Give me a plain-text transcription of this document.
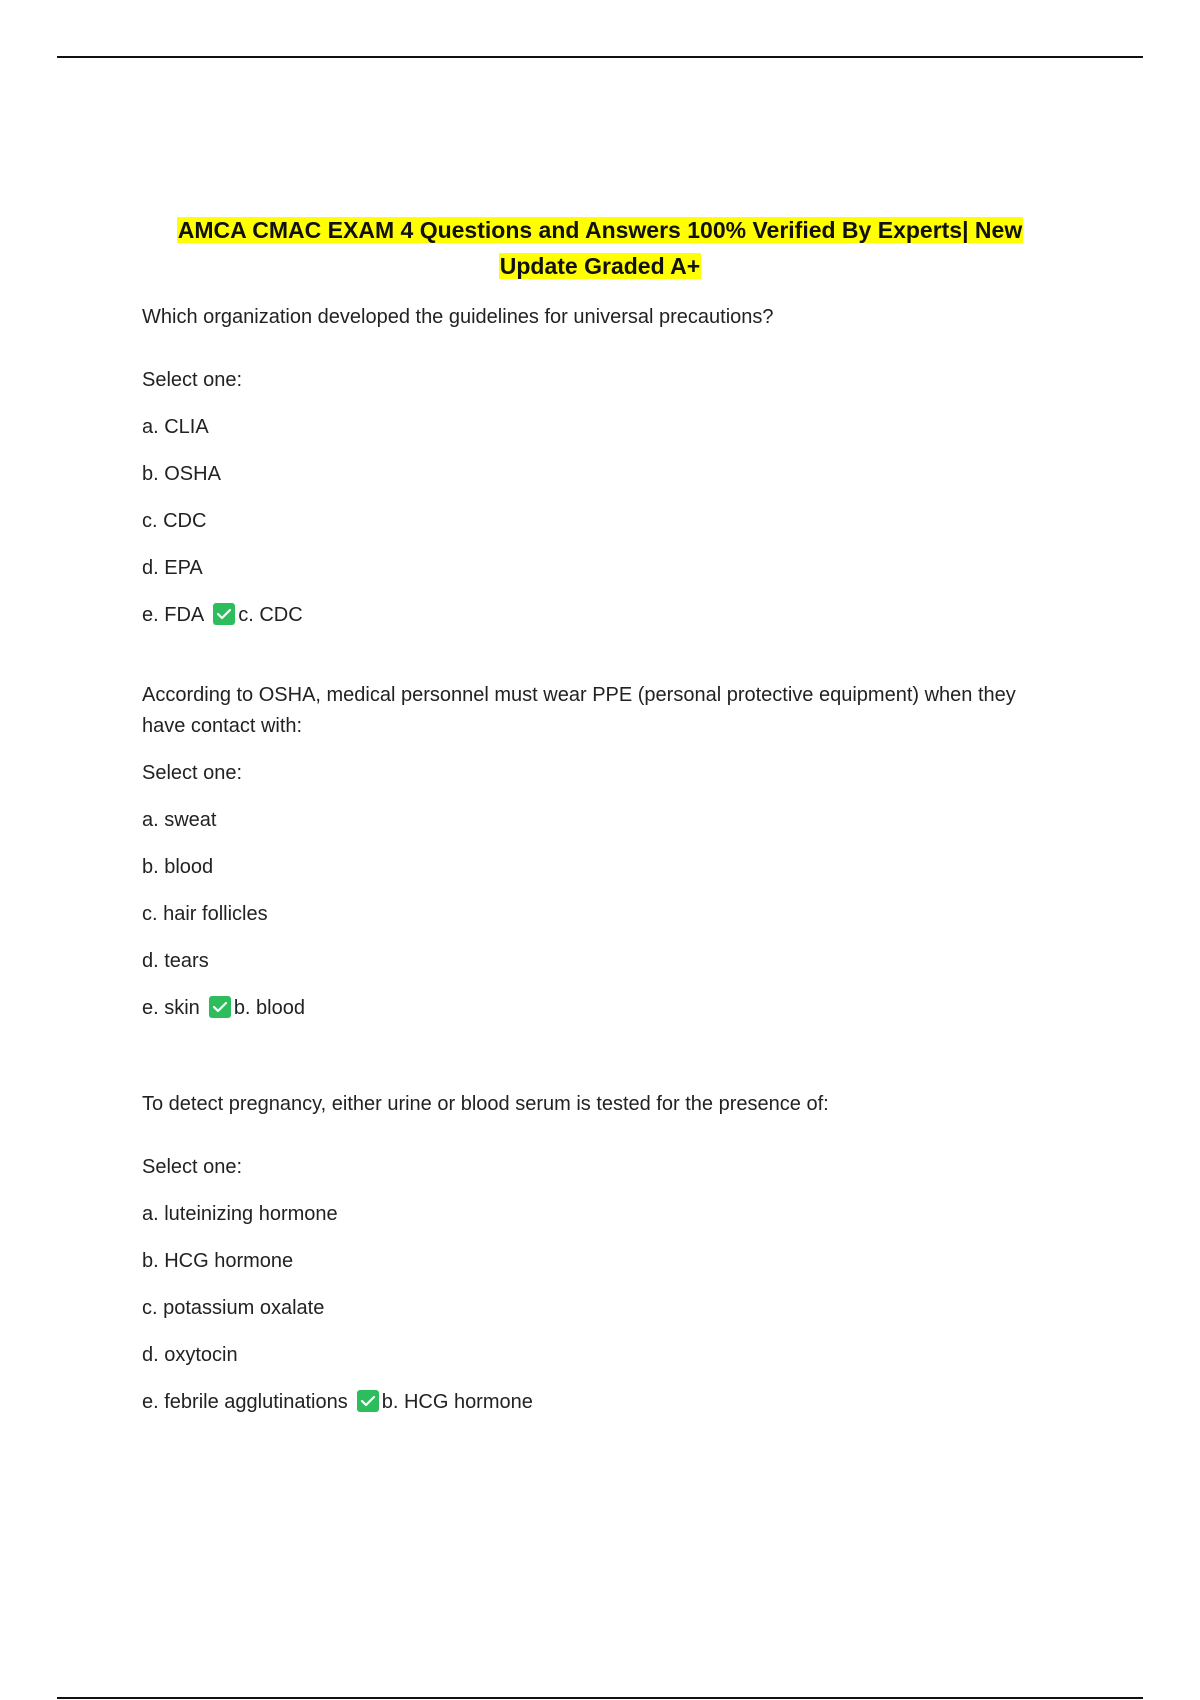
AMCA CMAC EXAM 4 Questions and Answers 100% Verified By Experts| New
Update Graded A+
Which organization developed the guidelines for universal precautions?
Select one:
a. CLIA
b. OSHA
c. CDC
d. EPA
e. FDA c. CDC
According to OSHA, medical personnel must wear PPE (personal protective equipment) when they have contact with:
Select one:
a. sweat
b. blood
c. hair follicles
d. tears
e. skin b. blood
To detect pregnancy, either urine or blood serum is tested for the presence of:
Select one:
a. luteinizing hormone
b. HCG hormone
c. potassium oxalate
d. oxytocin
e. febrile agglutinations b. HCG hormone
